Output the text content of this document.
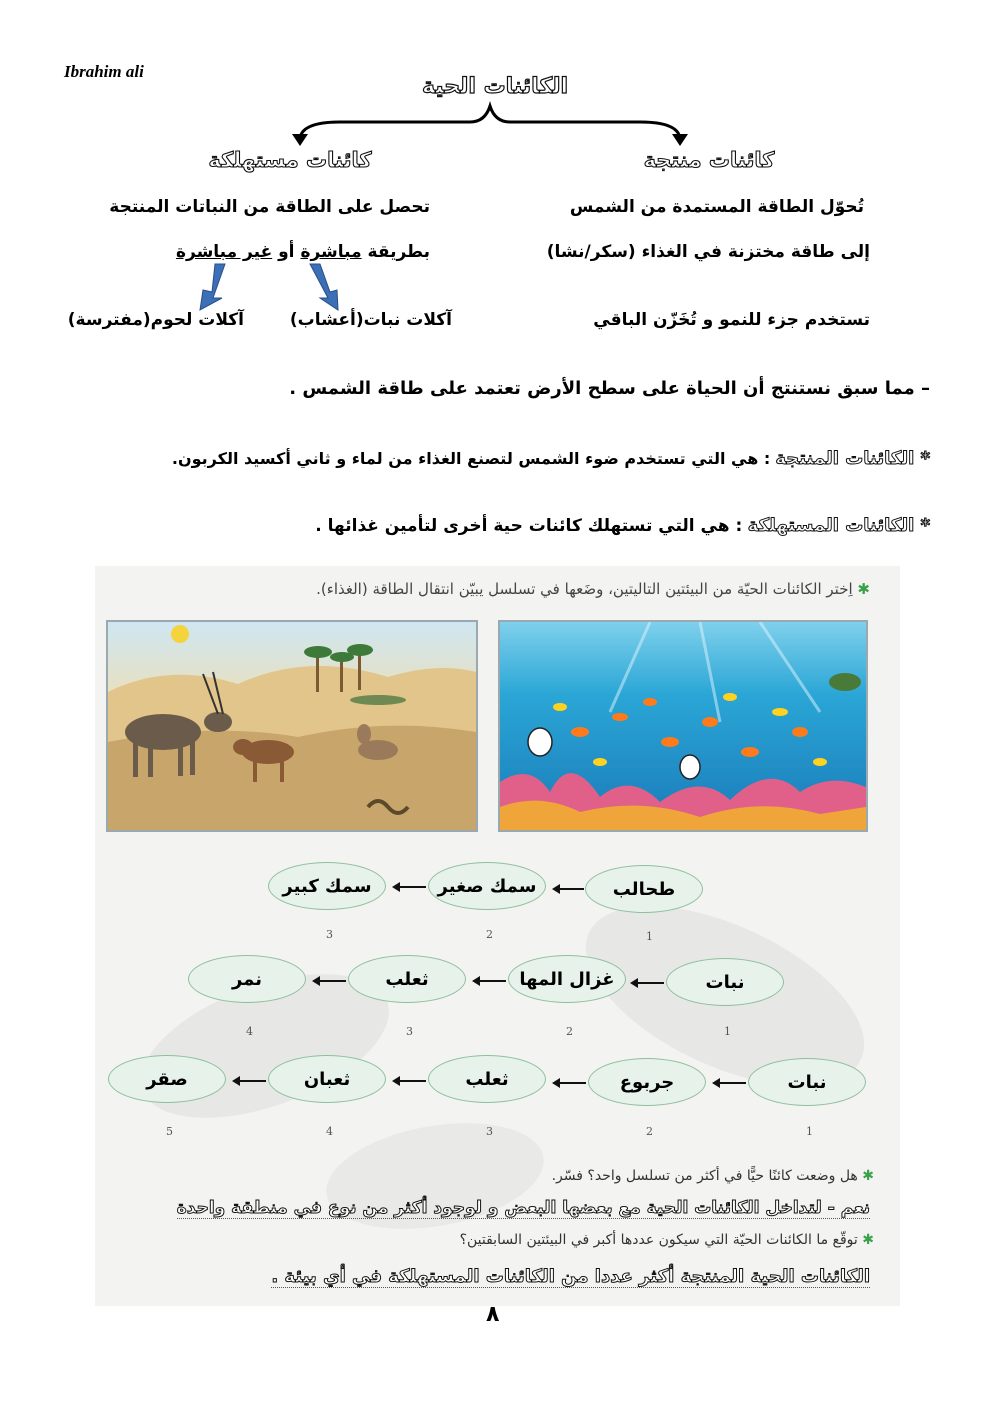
Ibrahim ali
الكائنات الحية
كائنات منتجة
تُحوّل الطاقة المستمدة من الشمس
إلى طاقة مختزنة في الغذاء (سكر/نشا)
تستخدم جزء للنمو و تُخَزّن الباقي
كائنات مستهلكة
تحصل على الطاقة من النباتات المنتجة
بطريقة مباشرة أو غير مباشرة
آكلات نبات(أعشاب)
آكلات لحوم(مفترسة)
– مما سبق نستنتج أن الحياة على سطح الأرض تعتمد على طاقة الشمس .
* الكائنات المنتجة : هي التي تستخدم ضوء الشمس لتصنع الغذاء من لماء و ثاني أكسيد الكربون.
* الكائنات المستهلكة : هي التي تستهلك كائنات حية أخرى لتأمين غذائها .
✱ اِختر الكائنات الحيّة من البيئتين التاليتين، وضَعها في تسلسل يبيّن انتقال الطاقة (الغذاء).
طحالب
سمك صغير
سمك كبير
1
2
3
نبات
غزال المها
ثعلب
نمر
1
2
3
4
نبات
جربوع
ثعلب
ثعبان
صقر
1
2
3
4
5
✱ هل وضعت كائنًا حيًّا في أكثر من تسلسل واحد؟ فسّر.
نعم - لتداخل الكائنات الحية مع بعضها البعض و لوجود أكثر من نوع في منطقة واحدة
✱ توقّع ما الكائنات الحيّة التي سيكون عددها أكبر في البيئتين السابقتين؟
الكائنات الحية المنتجة أكثر عددا من الكائنات المستهلكة في أي بيئة .
٨
